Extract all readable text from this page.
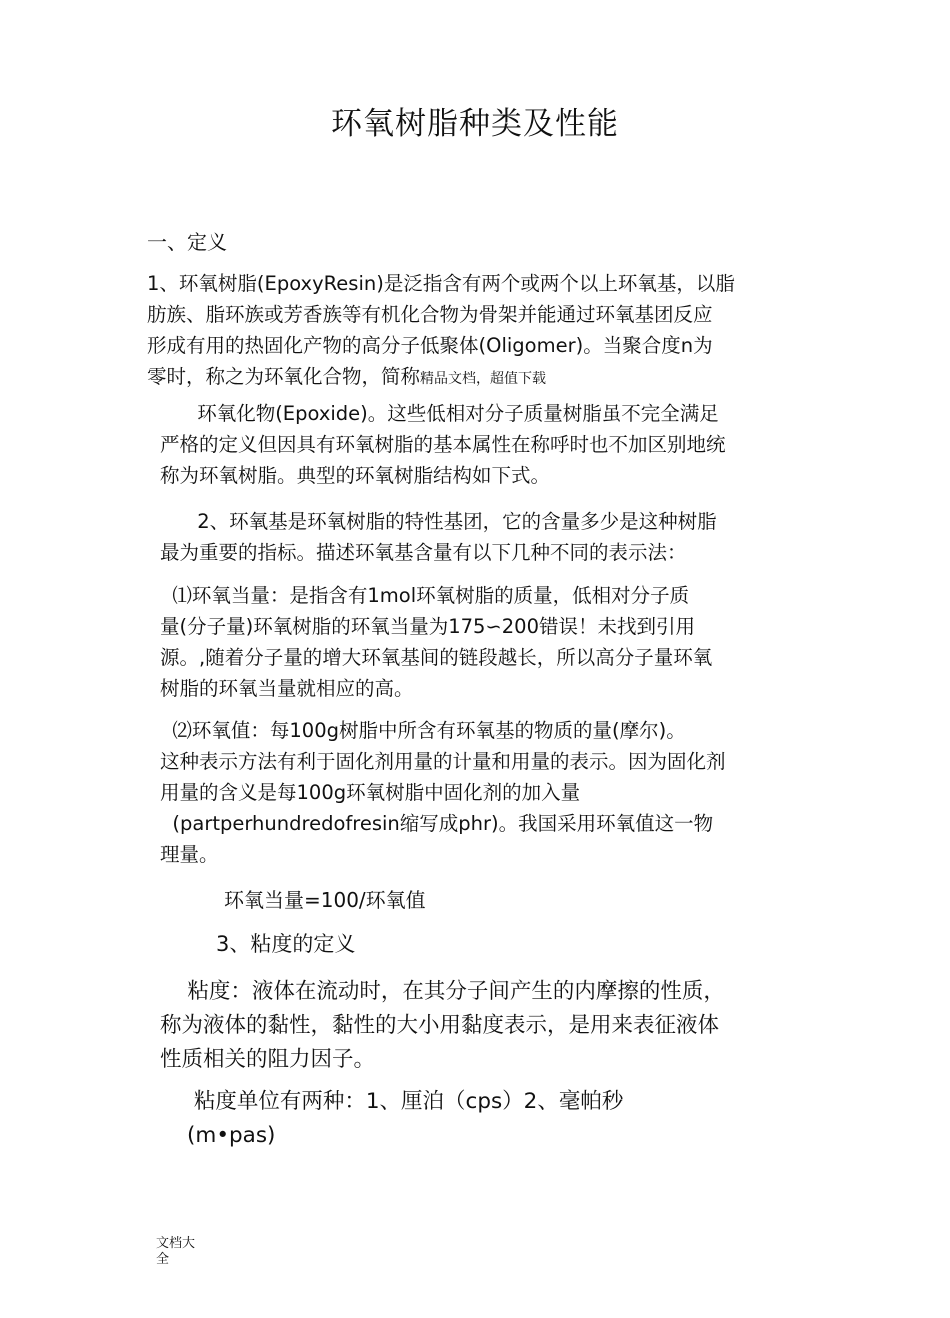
环氧树脂种类及性能
一、定义
1、环氧树脂(EpoxyResin)是泛指含有两个或两个以上环氧基，以脂
肪族、脂环族或芳香族等有机化合物为骨架并能通过环氧基团反应
形成有用的热固化产物的高分子低聚体(Oligomer)。当聚合度n为
零时，称之为环氧化合物，简称精品文档，超值下载
环氧化物(Epoxide)。这些低相对分子质量树脂虽不完全满足
严格的定义但因具有环氧树脂的基本属性在称呼时也不加区别地统
称为环氧树脂。典型的环氧树脂结构如下式。
2、环氧基是环氧树脂的特性基团，它的含量多少是这种树脂
最为重要的指标。描述环氧基含量有以下几种不同的表示法：
⑴环氧当量：是指含有1mol环氧树脂的质量，低相对分子质
量(分子量)环氧树脂的环氧当量为175∽200错误！未找到引用
源。,随着分子量的增大环氧基间的链段越长，所以高分子量环氧
树脂的环氧当量就相应的高。
⑵环氧值：每100g树脂中所含有环氧基的物质的量(摩尔)。
这种表示方法有利于固化剂用量的计量和用量的表示。因为固化剂
用量的含义是每100g环氧树脂中固化剂的加入量
(partperhundredofresin缩写成phr)。我国采用环氧值这一物
理量。
环氧当量=100/环氧值
3、粘度的定义
粘度：液体在流动时，在其分子间产生的内摩擦的性质，
称为液体的黏性，黏性的大小用黏度表示，是用来表征液体
性质相关的阻力因子。
粘度单位有两种：1、厘泊（cps）2、毫帕秒
(m•pas)
文档大全
